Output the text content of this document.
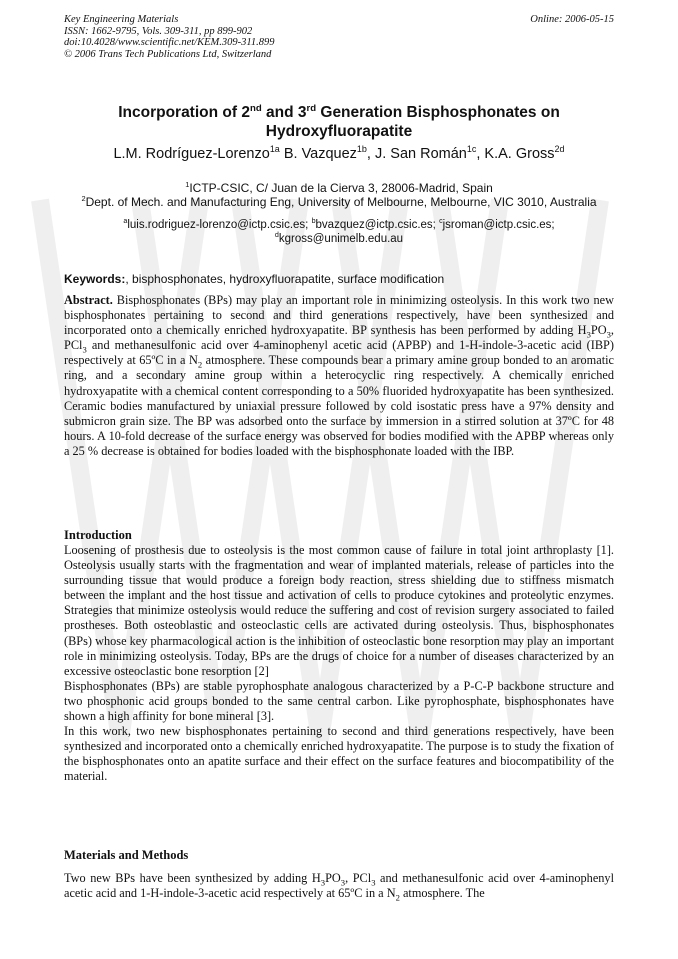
Key Engineering Materials
ISSN: 1662-9795, Vols. 309-311, pp 899-902
doi:10.4028/www.scientific.net/KEM.309-311.899
© 2006 Trans Tech Publications Ltd, Switzerland
Online: 2006-05-15
Incorporation of 2nd and 3rd Generation Bisphosphonates on
Hydroxyfluorapatite
L.M. Rodríguez-Lorenzo$^{1a}$ B. Vazquez$^{1b}$, J. San Román$^{1c}$, K.A. Gross$^{2d}$
$^1$ICTP-CSIC, C/ Juan de la Cierva 3, 28006-Madrid, Spain
$^2$Dept. of Mech. and Manufacturing Eng, University of Melbourne, Melbourne, VIC 3010, Australia
$^a$luis.rodriguez-lorenzo@ictp.csic.es; $^b$bvazquez@ictp.csic.es; $^c$jsroman@ictp.csic.es;
$^d$kgross@unimelb.edu.au
Keywords:, bisphosphonates, hydroxyfluorapatite, surface modification

Abstract. Bisphosphonates (BPs) may play an important role in minimizing osteolysis. In this work two new bisphosphonates pertaining to second and third generations respectively, have been synthesized and incorporated onto a chemically enriched hydroxyapatite. BP synthesis has been performed by adding $H_3PO_3$, PCl$_3$ and methanesulfonic acid over 4-aminophenyl acetic acid (APBP) and 1-H-indole-3-acetic acid (IBP) respectively at 65ºC in a $N_2$ atmosphere. These compounds bear a primary amine group bonded to an aromatic ring, and a secondary amine group within a heterocyclic ring respectively. A chemically enriched hydroxyapatite with a chemical content corresponding to a 50% fluorided hydroxyapatite has been synthesized. Ceramic bodies manufactured by uniaxial pressure followed by cold isostatic press have a 97% density and submicron grain size. The BP was adsorbed onto the surface by immersion in a stirred solution at 37ºC for 48 hours. A 10-fold decrease of the surface energy was observed for bodies modified with the APBP whereas only a 25 % decrease is obtained for bodies loaded with the bisphosphonate loaded with the IBP.

Introduction

Loosening of prosthesis due to osteolysis is the most common cause of failure in total joint arthroplasty [1]. Osteolysis usually starts with the fragmentation and wear of implanted materials, release of particles into the surrounding tissue that would produce a foreign body reaction, stress shielding due to stiffness mismatch between the implant and the host tissue and activation of cells to produce cytokines and proteolytic enzymes. Strategies that minimize osteolysis would reduce the suffering and cost of revision surgery associated to failed prostheses. Both osteoblastic and osteoclastic cells are activated during osteolysis. Thus, bisphosphonates (BPs) whose key pharmacological action is the inhibition of osteoclastic bone resorption may play an important role in minimizing osteolysis. Today, BPs are the drugs of choice for a number of diseases characterized by an excessive osteoclastic bone resorption [2]

Bisphosphonates (BPs) are stable pyrophosphate analogous characterized by a P-C-P backbone structure and two phosphonic acid groups bonded to the same central carbon. Like pyrophosphate, bisphosphonates have shown a high affinity for bone mineral [3].

In this work, two new bisphosphonates pertaining to second and third generations respectively, have been synthesized and incorporated onto a chemically enriched hydroxyapatite. The purpose is to study the fixation of the bisphosphonates onto an apatite surface and their effect on the surface features and biocompatibility of the material.

Materials and Methods

Two new BPs have been synthesized by adding $H_3PO_3$, PCl$_3$ and methanesulfonic acid over 4-aminophenyl acetic acid and 1-H-indole-3-acetic acid respectively at 65ºC in a $N_2$ atmosphere. The
